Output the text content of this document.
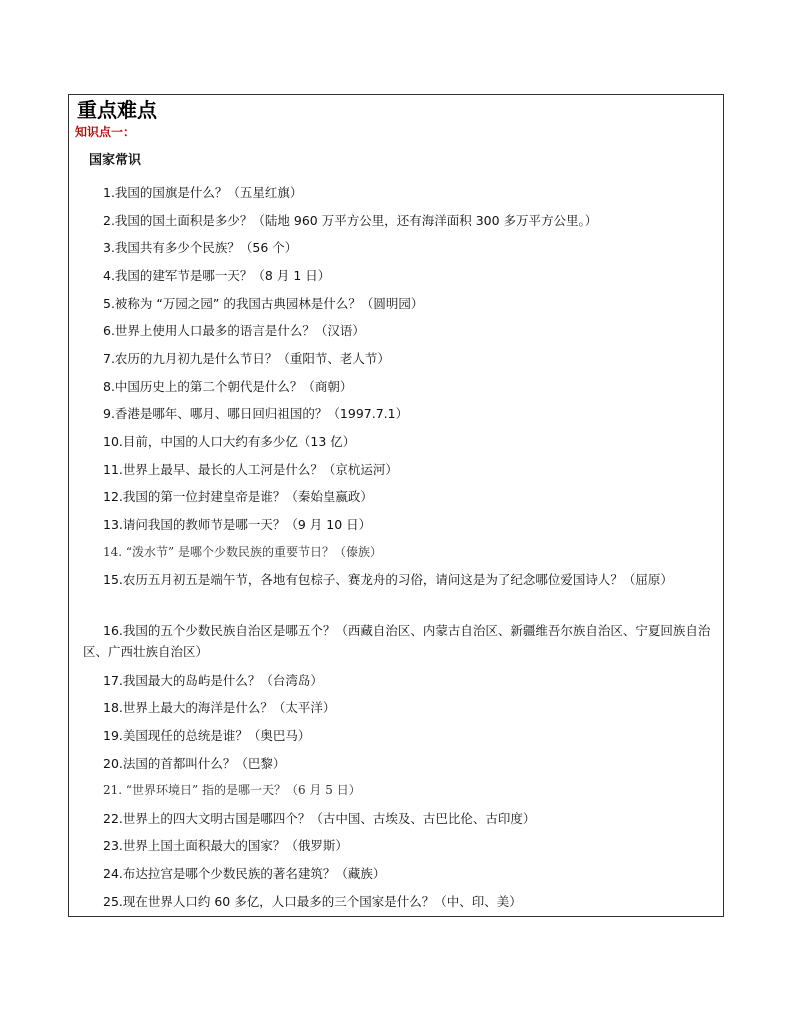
重点难点
知识点一：
国家常识
1.我国的国旗是什么？（五星红旗）
2.我国的国土面积是多少？（陆地 960 万平方公里，还有海洋面积 300 多万平方公里。）
3.我国共有多少个民族？（56 个）
4.我国的建军节是哪一天？（8 月 1 日）
5.被称为 “万园之园” 的我国古典园林是什么？（圆明园）
6.世界上使用人口最多的语言是什么？（汉语）
7.农历的九月初九是什么节日？（重阳节、老人节）
8.中国历史上的第二个朝代是什么？（商朝）
9.香港是哪年、哪月、哪日回归祖国的？（1997.7.1）
10.目前，中国的人口大约有多少亿（13 亿）
11.世界上最早、最长的人工河是什么？（京杭运河）
12.我国的第一位封建皇帝是谁？（秦始皇嬴政）
13.请问我国的教师节是哪一天？（9 月 10 日）
14. “泼水节” 是哪个少数民族的重要节日？（傣族）
15.农历五月初五是端午节，各地有包棕子、赛龙舟的习俗，请问这是为了纪念哪位爱国诗人？（屈原）
16.我国的五个少数民族自治区是哪五个？（西藏自治区、内蒙古自治区、新疆维吾尔族自治区、宁夏回族自治区、广西壮族自治区）
17.我国最大的岛屿是什么？（台湾岛）
18.世界上最大的海洋是什么？（太平洋）
19.美国现任的总统是谁？（奥巴马）
20.法国的首都叫什么？（巴黎）
21. “世界环境日” 指的是哪一天？（6 月 5 日）
22.世界上的四大文明古国是哪四个？（古中国、古埃及、古巴比伦、古印度）
23.世界上国土面积最大的国家？（俄罗斯）
24.布达拉宫是哪个少数民族的著名建筑？（藏族）
25.现在世界人口约 60 多亿，人口最多的三个国家是什么？（中、印、美）
